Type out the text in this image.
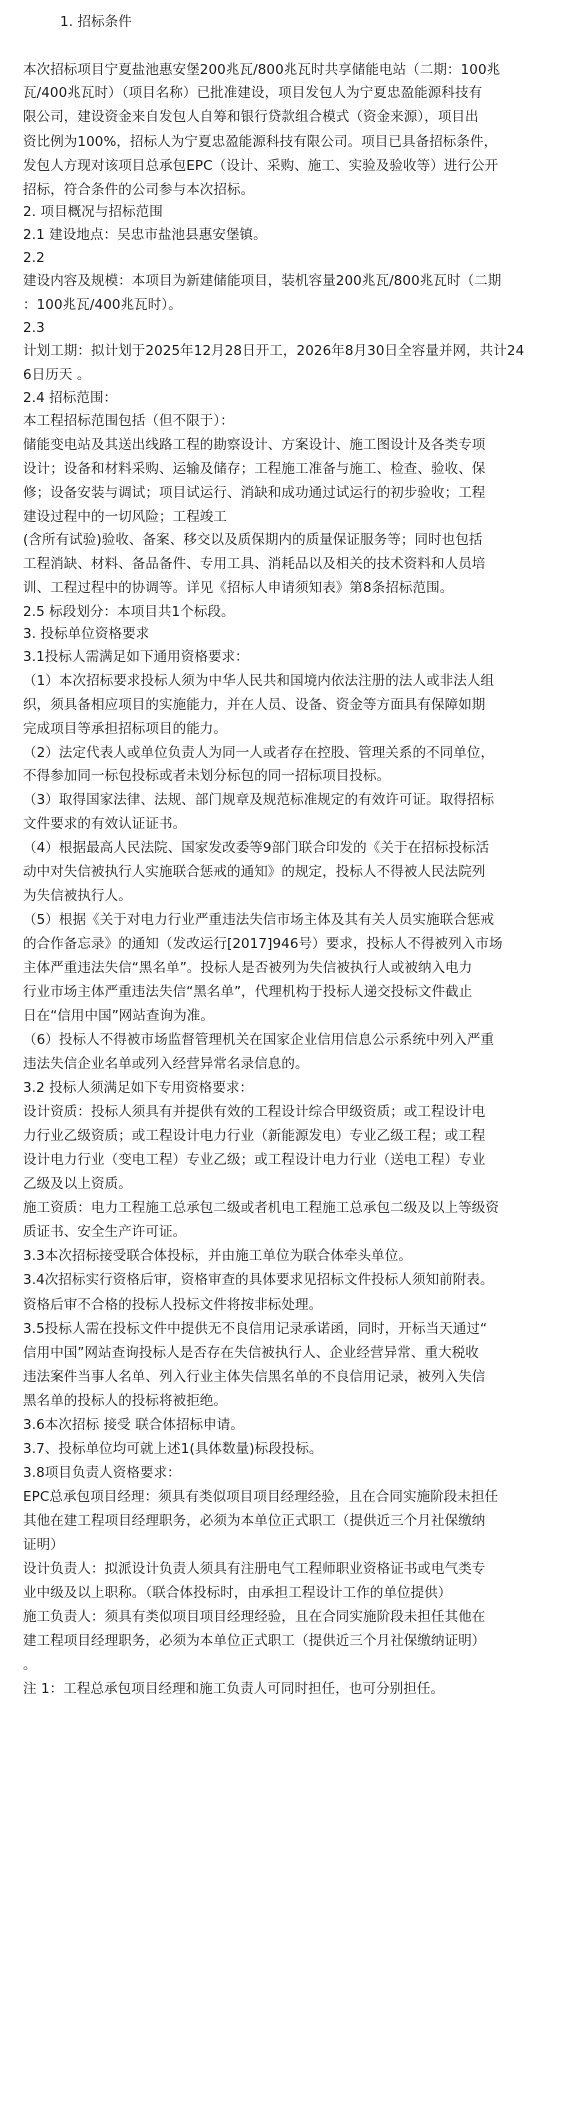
1. 招标条件
本次招标项目宁夏盐池惠安堡200兆瓦/800兆瓦时共享储能电站（二期：100兆
瓦/400兆瓦时）（项目名称）已批准建设，项目发包人为宁夏忠盈能源科技有
限公司，建设资金来自发包人自筹和银行贷款组合模式（资金来源），项目出
资比例为100%，招标人为宁夏忠盈能源科技有限公司。项目已具备招标条件，
发包人方现对该项目总承包EPC（设计、采购、施工、实验及验收等）进行公开
招标，符合条件的公司参与本次招标。
2. 项目概况与招标范围
2.1 建设地点：吴忠市盐池县惠安堡镇。
2.2
建设内容及规模：本项目为新建储能项目，装机容量200兆瓦/800兆瓦时（二期
：100兆瓦/400兆瓦时）。
2.3
计划工期：拟计划于2025年12月28日开工，2026年8月30日全容量并网，共计24
6日历天 。
2.4 招标范围：
本工程招标范围包括（但不限于）：
储能变电站及其送出线路工程的勘察设计、方案设计、施工图设计及各类专项
设计；设备和材料采购、运输及储存；工程施工准备与施工、检查、验收、保
修；设备安装与调试；项目试运行、消缺和成功通过试运行的初步验收；工程
建设过程中的一切风险；工程竣工
(含所有试验)验收、备案、移交以及质保期内的质量保证服务等；同时也包括
工程消缺、材料、备品备件、专用工具、消耗品以及相关的技术资料和人员培
训、工程过程中的协调等。详见《招标人申请须知表》第8条招标范围。
2.5 标段划分：本项目共1个标段。
3. 投标单位资格要求
3.1投标人需满足如下通用资格要求：
（1）本次招标要求投标人须为中华人民共和国境内依法注册的法人或非法人组
织，须具备相应项目的实施能力，并在人员、设备、资金等方面具有保障如期
完成项目等承担招标项目的能力。
（2）法定代表人或单位负责人为同一人或者存在控股、管理关系的不同单位，
不得参加同一标包投标或者未划分标包的同一招标项目投标。
（3）取得国家法律、法规、部门规章及规范标准规定的有效许可证。取得招标
文件要求的有效认证证书。
（4）根据最高人民法院、国家发改委等9部门联合印发的《关于在招标投标活
动中对失信被执行人实施联合惩戒的通知》的规定，投标人不得被人民法院列
为失信被执行人。
（5）根据《关于对电力行业严重违法失信市场主体及其有关人员实施联合惩戒
的合作备忘录》的通知（发改运行[2017]946号）要求，投标人不得被列入市场
主体严重违法失信“黑名单”。投标人是否被列为失信被执行人或被纳入电力
行业市场主体严重违法失信“黑名单”，代理机构于投标人递交投标文件截止
日在“信用中国”网站查询为准。
（6）投标人不得被市场监督管理机关在国家企业信用信息公示系统中列入严重
违法失信企业名单或列入经营异常名录信息的。
3.2 投标人须满足如下专用资格要求：
设计资质：投标人须具有并提供有效的工程设计综合甲级资质；或工程设计电
力行业乙级资质；或工程设计电力行业（新能源发电）专业乙级工程；或工程
设计电力行业（变电工程）专业乙级；或工程设计电力行业（送电工程）专业
乙级及以上资质。
施工资质：电力工程施工总承包二级或者机电工程施工总承包二级及以上等级资
质证书、安全生产许可证。
3.3本次招标接受联合体投标，并由施工单位为联合体牵头单位。
3.4次招标实行资格后审，资格审查的具体要求见招标文件投标人须知前附表。
资格后审不合格的投标人投标文件将按非标处理。
3.5投标人需在投标文件中提供无不良信用记录承诺函，同时，开标当天通过“
信用中国”网站查询投标人是否存在失信被执行人、企业经营异常、重大税收
违法案件当事人名单、列入行业主体失信黑名单的不良信用记录，被列入失信
黑名单的投标人的投标将被拒绝。
3.6本次招标 接受 联合体招标申请。
3.7、投标单位均可就上述1(具体数量)标段投标。
3.8项目负责人资格要求：
EPC总承包项目经理：须具有类似项目项目经理经验，且在合同实施阶段未担任
其他在建工程项目经理职务，必须为本单位正式职工（提供近三个月社保缴纳
证明）
设计负责人：拟派设计负责人须具有注册电气工程师职业资格证书或电气类专
业中级及以上职称。（联合体投标时，由承担工程设计工作的单位提供）
施工负责人：须具有类似项目项目经理经验，且在合同实施阶段未担任其他在
建工程项目经理职务，必须为本单位正式职工（提供近三个月社保缴纳证明）
。
注 1：工程总承包项目经理和施工负责人可同时担任，也可分别担任。
